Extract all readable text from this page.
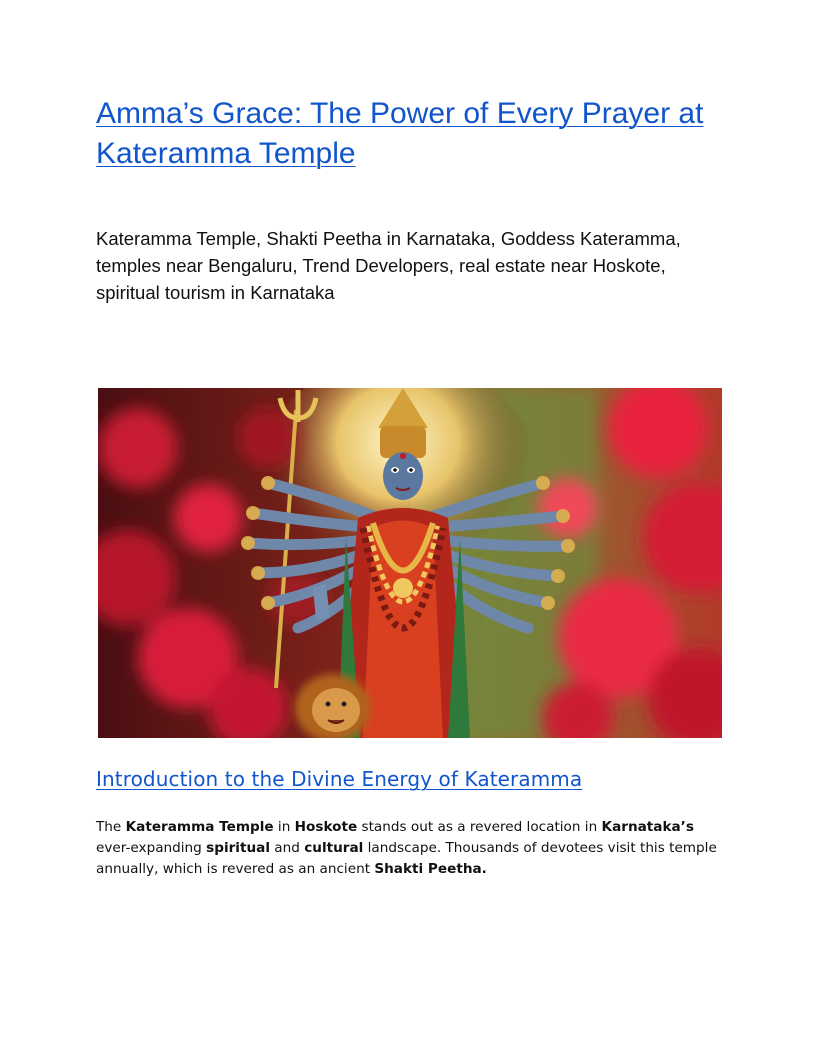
Amma’s Grace: The Power of Every Prayer at Kateramma Temple

Kateramma Temple, Shakti Peetha in Karnataka, Goddess Kateramma, temples near Bengaluru, Trend Developers, real estate near Hoskote, spiritual tourism in Karnataka

Introduction to the Divine Energy of Kateramma

The Kateramma Temple in Hoskote stands out as a revered location in Karnataka’s ever-expanding spiritual and cultural landscape. Thousands of devotees visit this temple annually, which is revered as an ancient Shakti Peetha.
